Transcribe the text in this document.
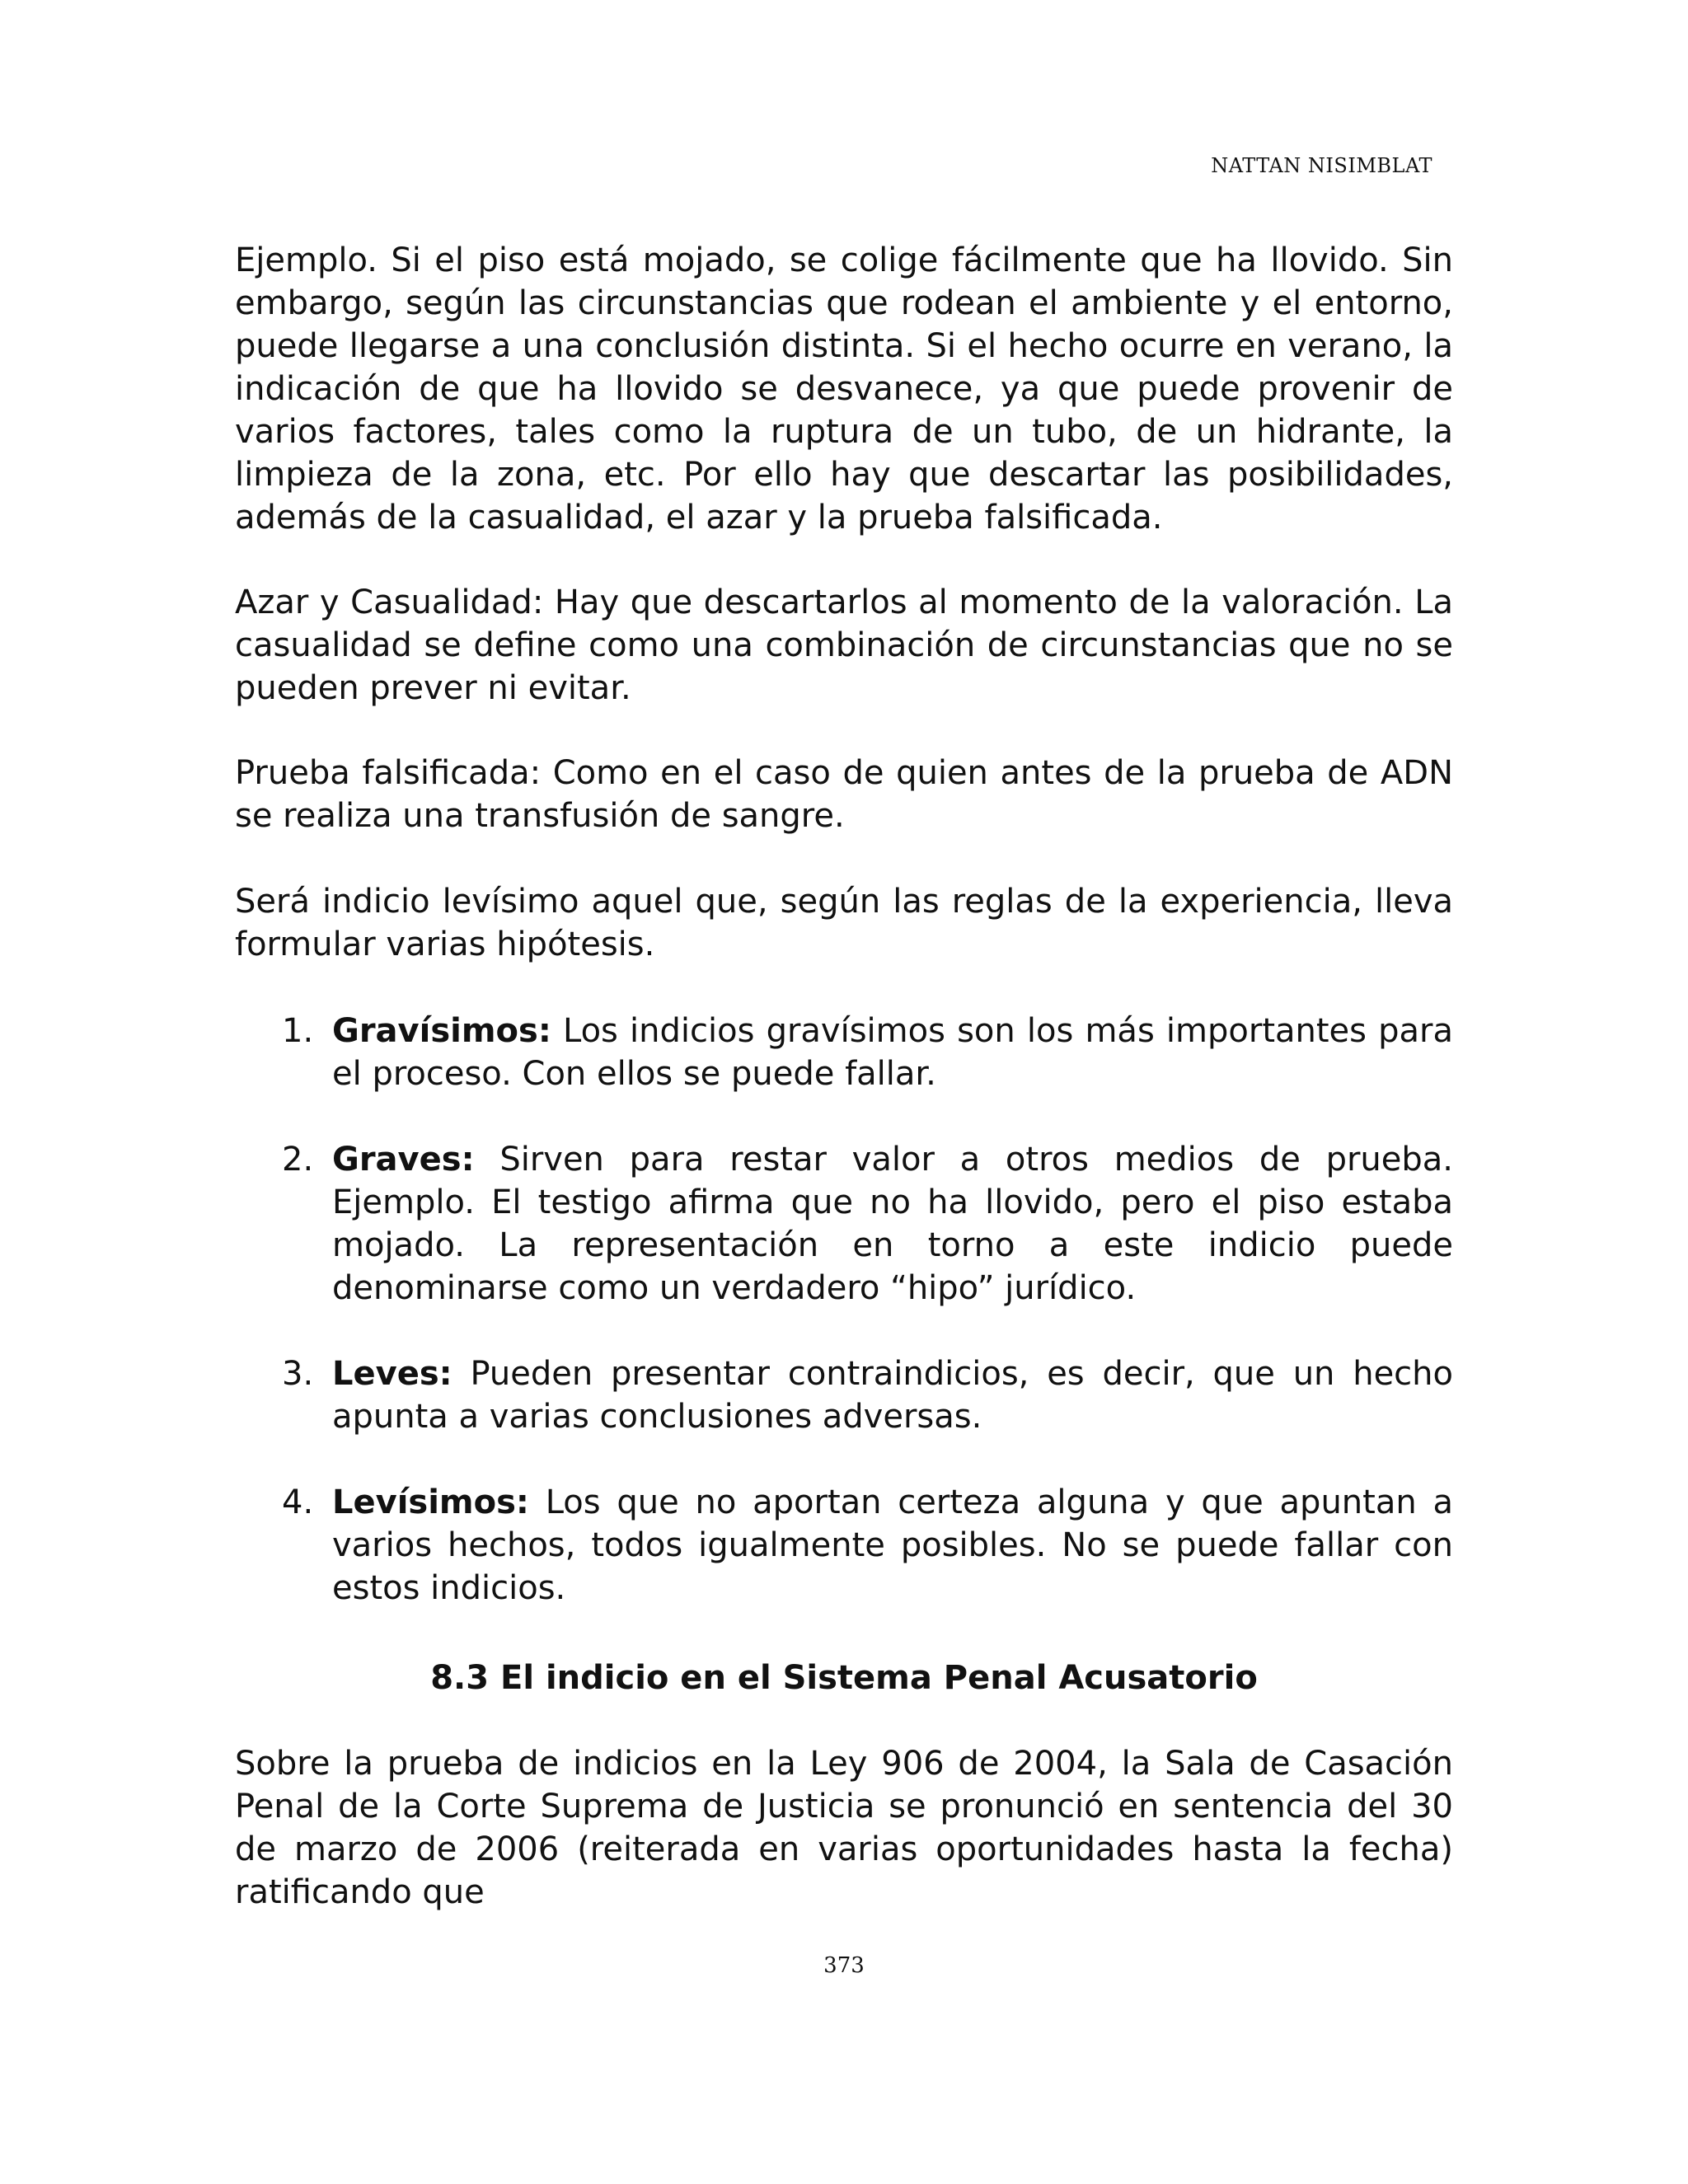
NATTAN NISIMBLAT

Ejemplo. Si el piso está mojado, se colige fácilmente que ha llovido. Sin embargo, según las circunstancias que rodean el ambiente y el entorno, puede llegarse a una conclusión distinta. Si el hecho ocurre en verano, la indicación de que ha llovido se desvanece, ya que puede provenir de varios factores, tales como la ruptura de un tubo, de un hidrante, la limpieza de la zona, etc. Por ello hay que descartar las posibilidades, además de la casualidad, el azar y la prueba falsificada.

Azar y Casualidad: Hay que descartarlos al momento de la valoración. La casualidad se define como una combinación de circunstancias que no se pueden prever ni evitar.

Prueba falsificada: Como en el caso de quien antes de la prueba de ADN se realiza una transfusión de sangre.

Será indicio levísimo aquel que, según las reglas de la experiencia, lleva formular varias hipótesis.

1. Gravísimos: Los indicios gravísimos son los más importantes para el proceso. Con ellos se puede fallar.
2. Graves: Sirven para restar valor a otros medios de prueba. Ejemplo. El testigo afirma que no ha llovido, pero el piso estaba mojado. La representación en torno a este indicio puede denominarse como un verdadero “hipo” jurídico.
3. Leves: Pueden presentar contraindicios, es decir, que un hecho apunta a varias conclusiones adversas.
4. Levísimos: Los que no aportan certeza alguna y que apuntan a varios hechos, todos igualmente posibles. No se puede fallar con estos indicios.
8.3 El indicio en el Sistema Penal Acusatorio

Sobre la prueba de indicios en la Ley 906 de 2004, la Sala de Casación Penal de la Corte Suprema de Justicia se pronunció en sentencia del 30 de marzo de 2006 (reiterada en varias oportunidades hasta la fecha) ratificando que

373
